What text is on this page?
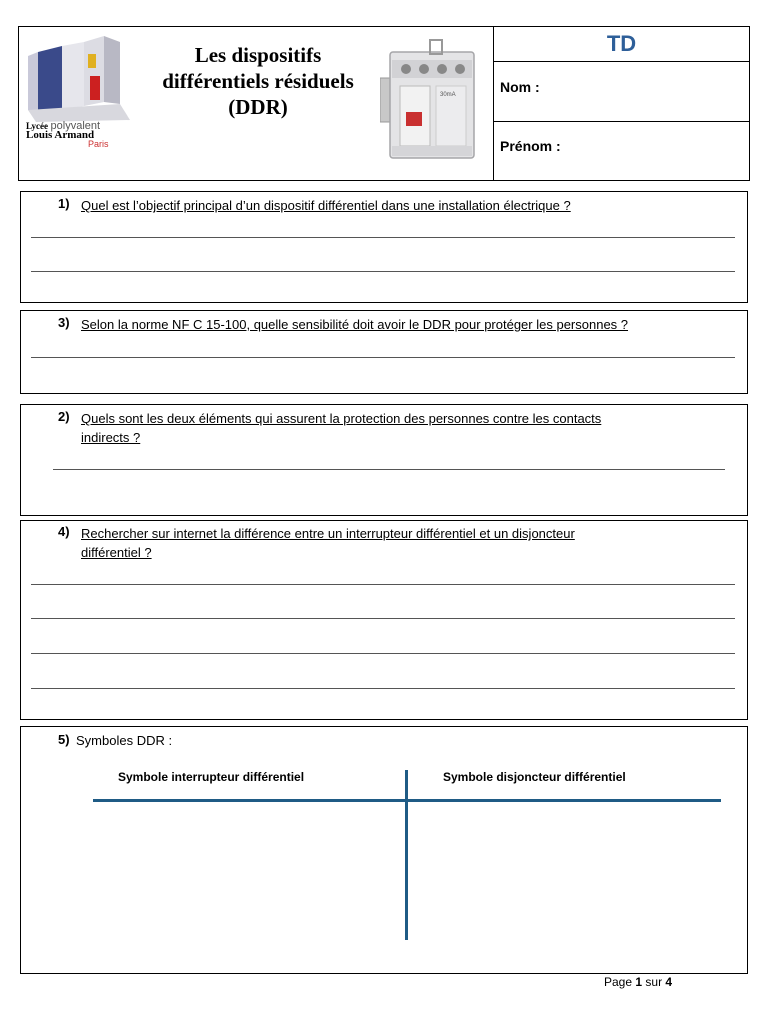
Lycée polyvalent
Louis Armand
Paris
Les dispositifs
différentiels résiduels
(DDR)	30mA
TD
Nom :
Prénom :
1) Quel est l’objectif principal d’un dispositif différentiel dans une installation électrique ?
3) Selon la norme NF C 15-100, quelle sensibilité doit avoir le DDR pour protéger les personnes ?
2) Quels sont les deux éléments qui assurent la protection des personnes contre les contacts
indirects ?
4) Rechercher sur internet la différence entre un interrupteur différentiel et un disjoncteur
différentiel ?
5) Symboles DDR :
Symbole interrupteur différentiel	Symbole disjoncteur différentiel
Page 1 sur 4
